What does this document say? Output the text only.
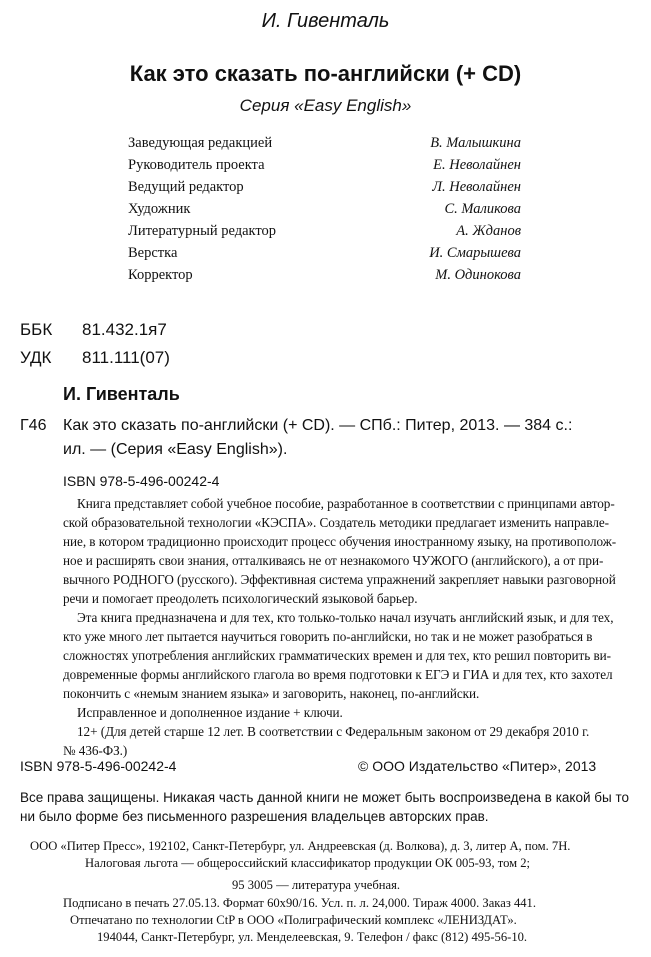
И. Гивенталь
Как это сказать по-английски (+ CD)
Серия «Easy English»
Заведующая редакцией	В. Малышкина
Руководитель проекта	Е. Неволайнен
Ведущий редактор	Л. Неволайнен
Художник	С. Маликова
Литературный редактор	А. Жданов
Верстка	И. Смарышева
Корректор	М. Одинокова
ББК 81.432.1я7
УДК 811.111(07)
И. Гивенталь
Г46 Как это сказать по-английски (+ CD). — СПб.: Питер, 2013. — 384 с.:
ил. — (Серия «Easy English»).
ISBN 978-5-496-00242-4
Книга представляет собой учебное пособие, разработанное в соответствии с принципами автор-
ской образовательной технологии «КЭСПА». Создатель методики предлагает изменить направле-
ние, в котором традиционно происходит процесс обучения иностранному языку, на противополож-
ное и расширять свои знания, отталкиваясь не от незнакомого ЧУЖОГО (английского), а от при-
вычного РОДНОГО (русского). Эффективная система упражнений закрепляет навыки разговорной
речи и помогает преодолеть психологический языковой барьер.
Эта книга предназначена и для тех, кто только-только начал изучать английский язык, и для тех,
кто уже много лет пытается научиться говорить по-английски, но так и не может разобраться в
сложностях употребления английских грамматических времен и для тех, кто решил повторить ви-
довременные формы английского глагола во время подготовки к ЕГЭ и ГИА и для тех, кто захотел
покончить с «немым знанием языка» и заговорить, наконец, по-английски.
Исправленное и дополненное издание + ключи.
12+ (Для детей старше 12 лет. В соответствии с Федеральным законом от 29 декабря 2010 г.
№ 436-ФЗ.)
ISBN 978-5-496-00242-4	© ООО Издательство «Питер», 2013
Все права защищены. Никакая часть данной книги не может быть воспроизведена в какой бы то
ни было форме без письменного разрешения владельцев авторских прав.
ООО «Питер Пресс», 192102, Санкт-Петербург, ул. Андреевская (д. Волкова), д. 3, литер А, пом. 7Н.
Налоговая льгота — общероссийский классификатор продукции ОК 005-93, том 2;
95 3005 — литература учебная.
Подписано в печать 27.05.13. Формат 60х90/16. Усл. п. л. 24,000. Тираж 4000. Заказ 441.
Отпечатано по технологии CtP в ООО «Полиграфический комплекс «ЛЕНИЗДАТ».
194044, Санкт-Петербург, ул. Менделеевская, 9. Телефон / факс (812) 495-56-10.
